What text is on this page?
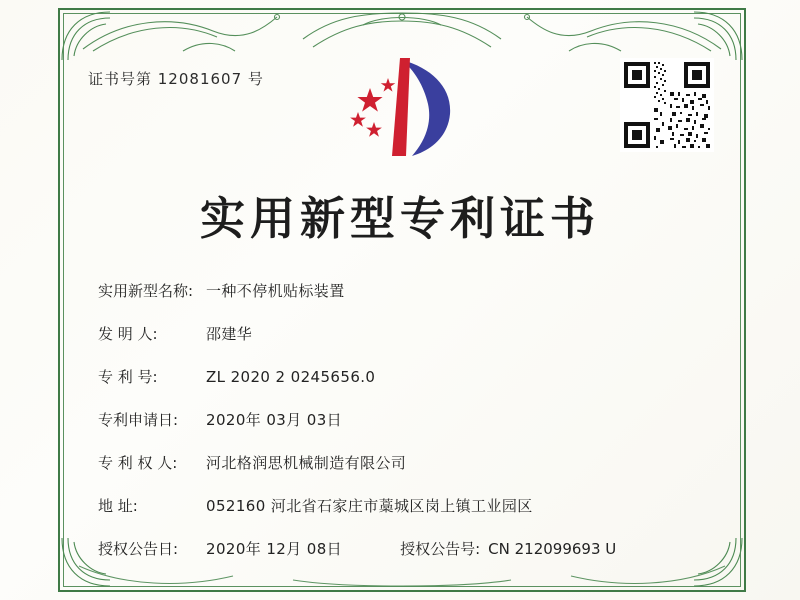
证书号第 12081607 号
实用新型专利证书
实用新型名称: 一种不停机贴标装置
发 明 人:	邵建华
专 利 号:	ZL 2020 2 0245656.0
专利申请日:	2020年 03月 03日
专 利 权 人:	河北格润思机械制造有限公司
地 址:	052160 河北省石家庄市藁城区岗上镇工业园区
授权公告日:	2020年 12月 08日	授权公告号: CN 212099693 U
